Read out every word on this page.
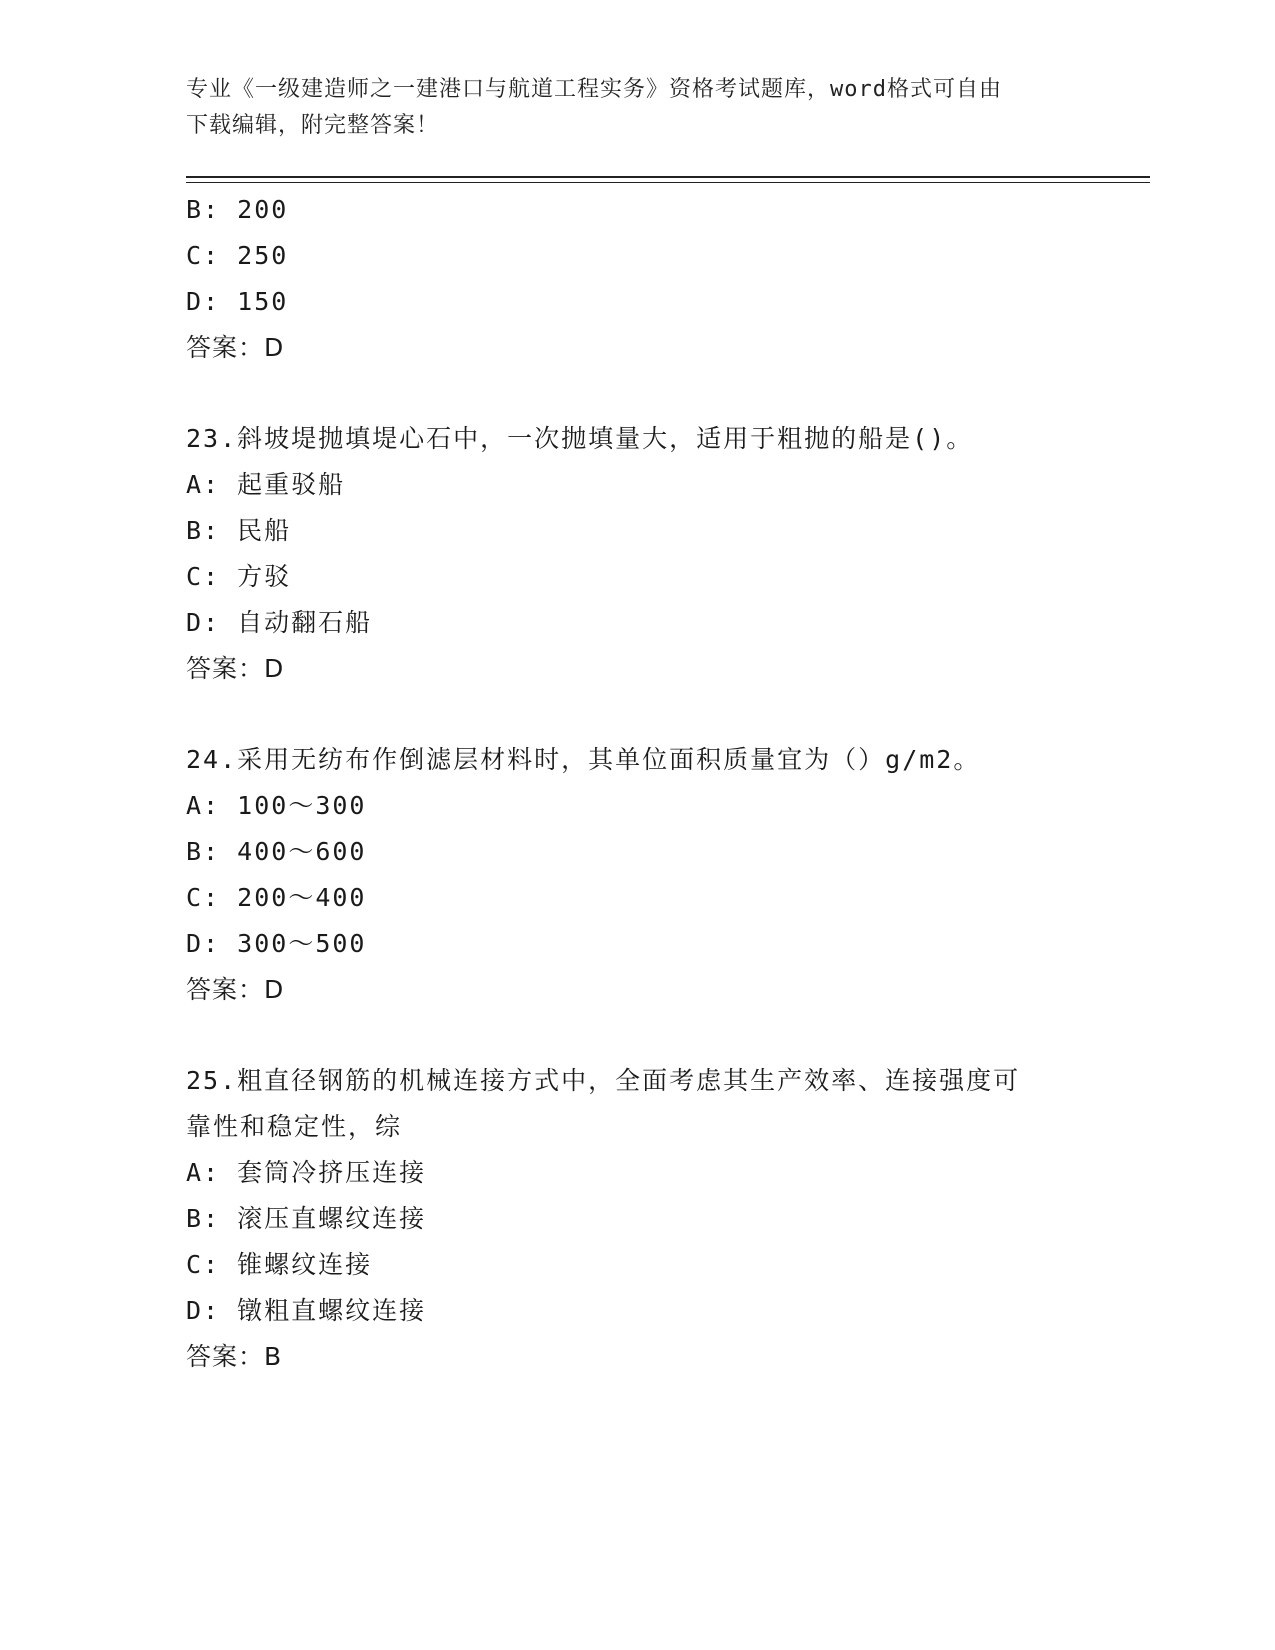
专业《一级建造师之一建港口与航道工程实务》资格考试题库，word格式可自由
下载编辑，附完整答案！
B: 200
C: 250
D: 150
答案：D
23.斜坡堤抛填堤心石中，一次抛填量大，适用于粗抛的船是()。
A: 起重驳船
B: 民船
C: 方驳
D: 自动翻石船
答案：D
24.采用无纺布作倒滤层材料时，其单位面积质量宜为（）g/m2。
A: 100～300
B: 400～600
C: 200～400
D: 300～500
答案：D
25.粗直径钢筋的机械连接方式中，全面考虑其生产效率、连接强度可
靠性和稳定性，综
A: 套筒冷挤压连接
B: 滚压直螺纹连接
C: 锥螺纹连接
D: 镦粗直螺纹连接
答案：B
